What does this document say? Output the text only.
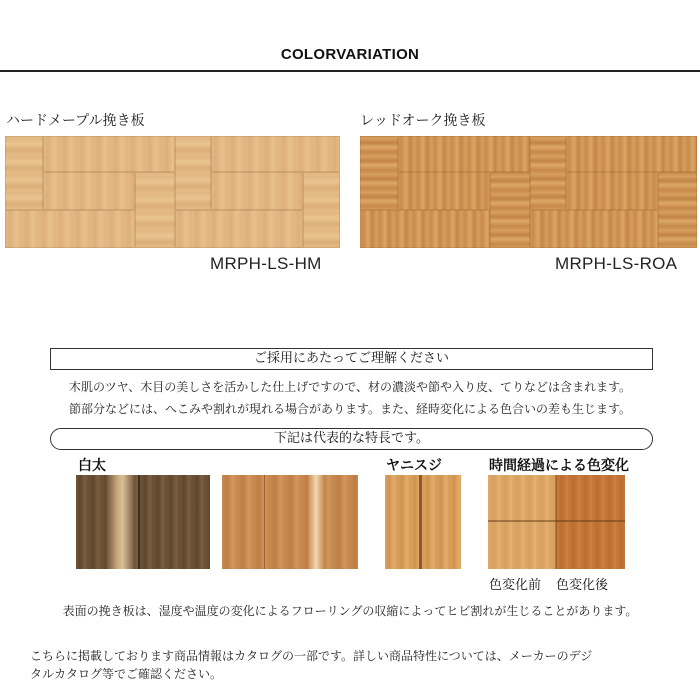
COLORVARIATION
ハードメープル挽き板
MRPH-LS-HM
レッドオーク挽き板
MRPH-LS-ROA
ご採用にあたってご理解ください
木肌のツヤ、木目の美しさを活かした仕上げですので、材の濃淡や節や入り皮、てりなどは含まれます。
節部分などには、へこみや割れが現れる場合があります。また、経時変化による色合いの差も生じます。
下記は代表的な特長です。
白太	ヤニスジ	時間経過による色変化
色変化前 色変化後
表面の挽き板は、湿度や温度の変化によるフローリングの収縮によってヒビ割れが生じることがあります。
こちらに掲載しております商品情報はカタログの一部です。詳しい商品特性については、メーカーのデジ
タルカタログ等でご確認ください。
